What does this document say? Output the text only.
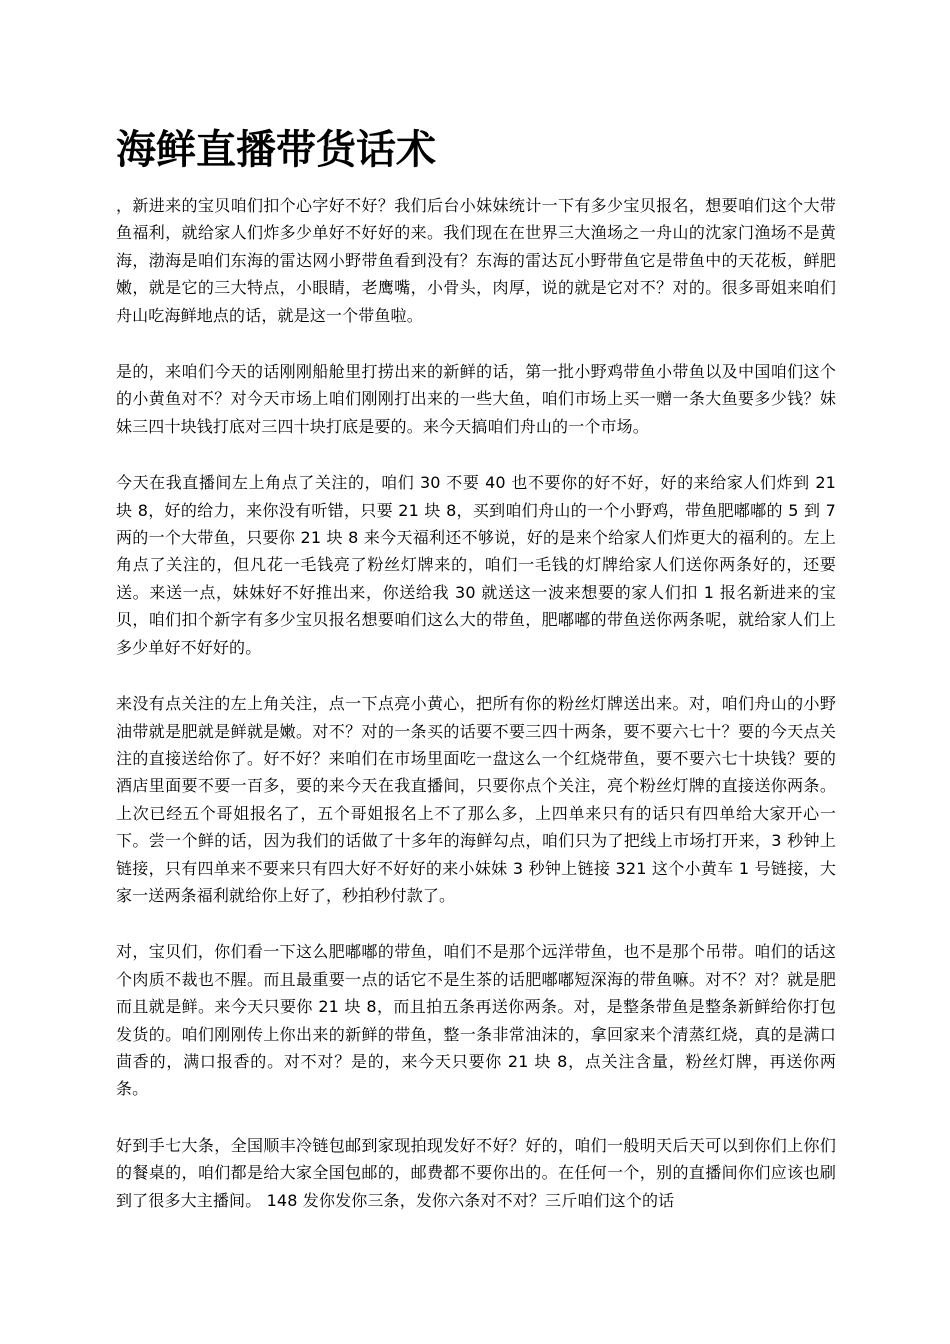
海鲜直播带货话术

，新进来的宝贝咱们扣个心字好不好？我们后台小妹妹统计一下有多少宝贝报名，想要咱们这个大带鱼福利，就给家人们炸多少单好不好好的来。我们现在在世界三大渔场之一舟山的沈家门渔场不是黄海，渤海是咱们东海的雷达网小野带鱼看到没有？东海的雷达瓦小野带鱼它是带鱼中的天花板，鲜肥嫩，就是它的三大特点，小眼睛，老鹰嘴，小骨头，肉厚，说的就是它对不？对的。很多哥姐来咱们舟山吃海鲜地点的话，就是这一个带鱼啦。

是的，来咱们今天的话刚刚船舱里打捞出来的新鲜的话，第一批小野鸡带鱼小带鱼以及中国咱们这个的小黄鱼对不？对今天市场上咱们刚刚打出来的一些大鱼，咱们市场上买一赠一条大鱼要多少钱？妹妹三四十块钱打底对三四十块打底是要的。来今天搞咱们舟山的一个市场。

今天在我直播间左上角点了关注的，咱们 30 不要 40 也不要你的好不好，好的来给家人们炸到 21 块 8，好的给力，来你没有听错，只要 21 块 8，买到咱们舟山的一个小野鸡，带鱼肥嘟嘟的 5 到 7 两的一个大带鱼，只要你 21 块 8 来今天福利还不够说，好的是来个给家人们炸更大的福利的。左上角点了关注的，但凡花一毛钱亮了粉丝灯牌来的，咱们一毛钱的灯牌给家人们送你两条好的，还要送。来送一点，妹妹好不好推出来，你送给我 30 就送这一波来想要的家人们扣 1 报名新进来的宝贝，咱们扣个新字有多少宝贝报名想要咱们这么大的带鱼，肥嘟嘟的带鱼送你两条呢，就给家人们上多少单好不好好的。

来没有点关注的左上角关注，点一下点亮小黄心，把所有你的粉丝灯牌送出来。对，咱们舟山的小野油带就是肥就是鲜就是嫩。对不？对的一条买的话要不要三四十两条，要不要六七十？要的今天点关注的直接送给你了。好不好？来咱们在市场里面吃一盘这么一个红烧带鱼，要不要六七十块钱？要的酒店里面要不要一百多，要的来今天在我直播间，只要你点个关注，亮个粉丝灯牌的直接送你两条。上次已经五个哥姐报名了，五个哥姐报名上不了那么多，上四单来只有的话只有四单给大家开心一下。尝一个鲜的话，因为我们的话做了十多年的海鲜勾点，咱们只为了把线上市场打开来，3 秒钟上链接，只有四单来不要来只有四大好不好好的来小妹妹 3 秒钟上链接 321 这个小黄车 1 号链接，大家一送两条福利就给你上好了，秒拍秒付款了。

对，宝贝们，你们看一下这么肥嘟嘟的带鱼，咱们不是那个远洋带鱼，也不是那个吊带。咱们的话这个肉质不裁也不腥。而且最重要一点的话它不是生茶的话肥嘟嘟短深海的带鱼嘛。对不？对？就是肥而且就是鲜。来今天只要你 21 块 8，而且拍五条再送你两条。对，是整条带鱼是整条新鲜给你打包发货的。咱们刚刚传上你出来的新鲜的带鱼，整一条非常油沫的，拿回家来个清蒸红烧，真的是满口茴香的，满口报香的。对不对？是的，来今天只要你 21 块 8，点关注含量，粉丝灯牌，再送你两条。

好到手七大条，全国顺丰冷链包邮到家现拍现发好不好？好的，咱们一般明天后天可以到你们上你们的餐桌的，咱们都是给大家全国包邮的，邮费都不要你出的。在任何一个，别的直播间你们应该也刷到了很多大主播间。 148 发你发你三条，发你六条对不对？三斤咱们这个的话
